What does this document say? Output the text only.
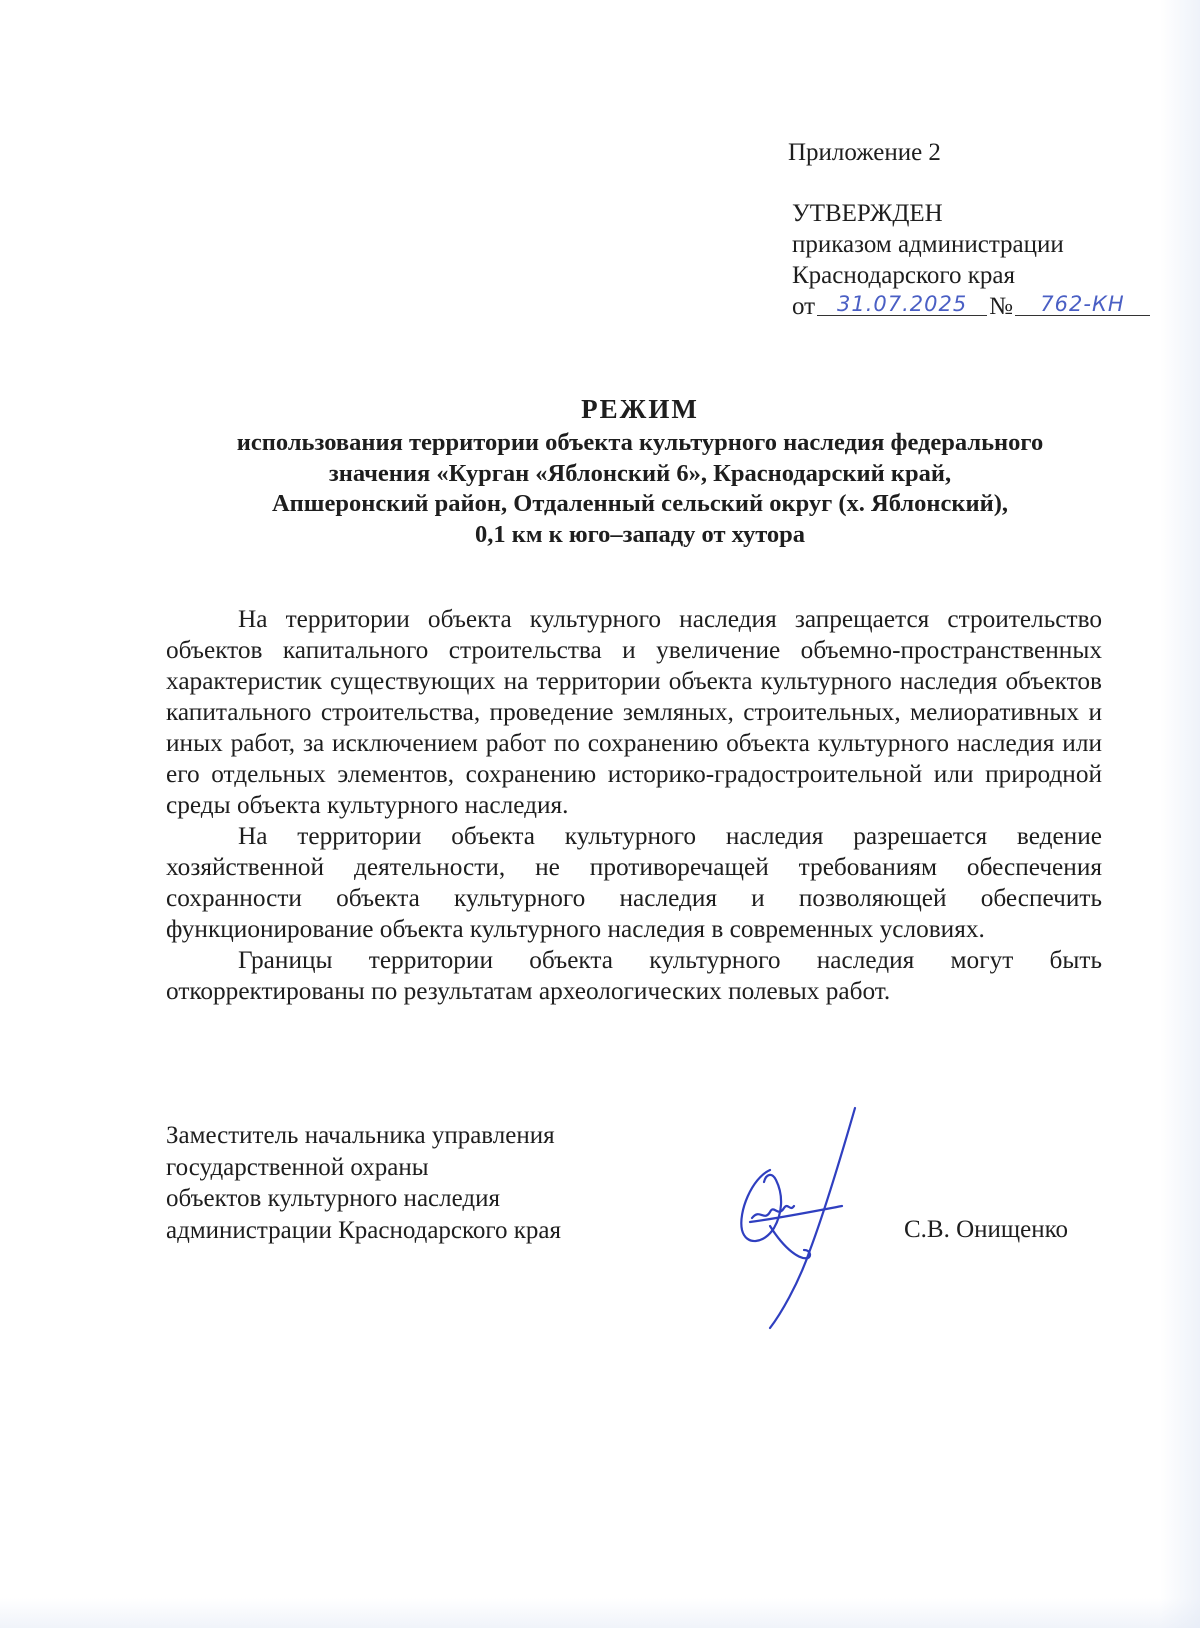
Приложение 2
УТВЕРЖДЕН
приказом администрации
Краснодарского края
от 31.07.2025 № 762-КН
РЕЖИМ
использования территории объекта культурного наследия федерального
значения «Курган «Яблонский 6», Краснодарский край,
Апшеронский район, Отдаленный сельский округ (х. Яблонский),
0,1 км к юго–западу от хутора

На территории объекта культурного наследия запрещается строительство объектов капитального строительства и увеличение объемно-пространственных характеристик существующих на территории объекта культурного наследия объектов капитального строительства, проведение земляных, строительных, мелиоративных и иных работ, за исключением работ по сохранению объекта культурного наследия или его отдельных элементов, сохранению историко-градостроительной или природной среды объекта культурного наследия.

На территории объекта культурного наследия разрешается ведение хозяйственной деятельности, не противоречащей требованиям обеспечения сохранности объекта культурного наследия и позволяющей обеспечить функционирование объекта культурного наследия в современных условиях.

Границы территории объекта культурного наследия могут быть откорректированы по результатам археологических полевых работ.

Заместитель начальника управления
государственной охраны
объектов культурного наследия
администрации Краснодарского края	С.В. Онищенко
